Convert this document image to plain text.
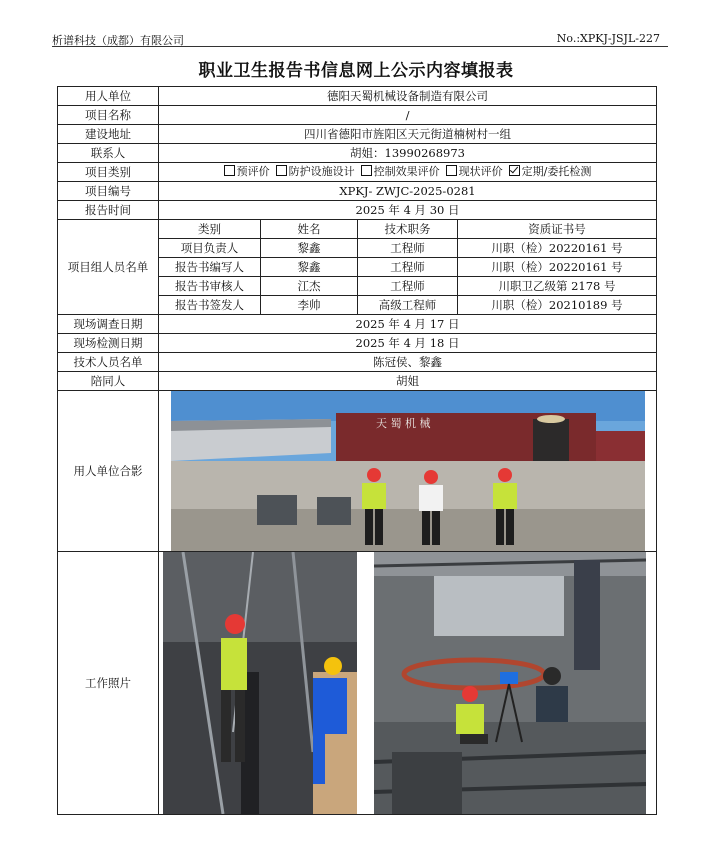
析谱科技（成都）有限公司	No.:XPKJ-JSJL-227
职业卫生报告书信息网上公示内容填报表
用人单位	德阳天蜀机械设备制造有限公司			
项目名称	/			
建设地址	四川省德阳市旌阳区天元街道楠树村一组			
联系人	胡姐：13990268973			
项目类别	预评价 防护设施设计 控制效果评价 现状评价 定期/委托检测			
项目编号	XPKJ- ZWJC-2025-0281			
报告时间	2025 年 4 月 30 日			
项目组人员名单	类别	姓名	技术职务	资质证书号
	项目负责人	黎鑫	工程师	川职（检）20220161 号
	报告书编写人	黎鑫	工程师	川职（检）20220161 号
	报告书审核人	江杰	工程师	川职卫乙级第 2178 号
	报告书签发人	李帅	高级工程师	川职（检）20210189 号
现场调查日期	2025 年 4 月 17 日			
现场检测日期	2025 年 4 月 18 日			
技术人员名单	陈冠侯、黎鑫			
陪同人	胡姐			
用人单位合影	天 蜀 机 械			

工作照片	
